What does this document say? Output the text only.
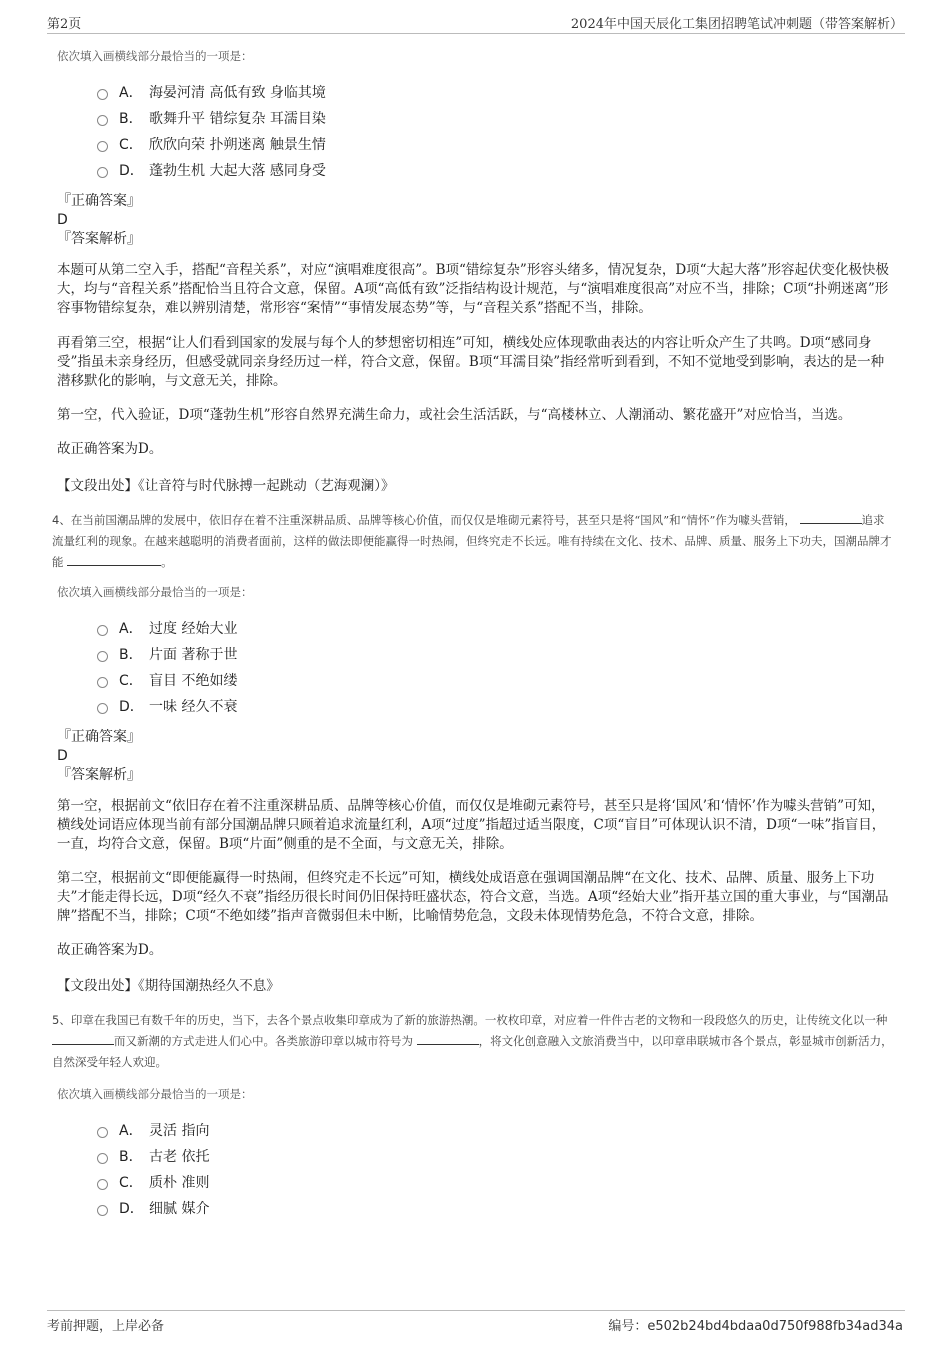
第2页	2024年中国天辰化工集团招聘笔试冲刺题（带答案解析）
依次填入画横线部分最恰当的一项是：
A． 海晏河清 高低有致 身临其境
B． 歌舞升平 错综复杂 耳濡目染
C． 欣欣向荣 扑朔迷离 触景生情
D． 蓬勃生机 大起大落 感同身受
『正确答案』
D
『答案解析』

本题可从第二空入手，搭配“音程关系”，对应“演唱难度很高”。B项“错综复杂”形容头绪多，情况复杂，D项“大起大落”形容起伏变化极快极大，均与“音程关系”搭配恰当且符合文意，保留。A项“高低有致”泛指结构设计规范，与“演唱难度很高”对应不当，排除；C项“扑朔迷离”形容事物错综复杂，难以辨别清楚，常形容“案情”“事情发展态势”等，与“音程关系”搭配不当，排除。

再看第三空，根据“让人们看到国家的发展与每个人的梦想密切相连”可知，横线处应体现歌曲表达的内容让听众产生了共鸣。D项“感同身受”指虽未亲身经历，但感受就同亲身经历过一样，符合文意，保留。B项“耳濡目染”指经常听到看到，不知不觉地受到影响，表达的是一种潜移默化的影响，与文意无关，排除。

第一空，代入验证，D项“蓬勃生机”形容自然界充满生命力，或社会生活活跃，与“高楼林立、人潮涌动、繁花盛开”对应恰当，当选。

故正确答案为D。

【文段出处】《让音符与时代脉搏一起跳动（艺海观澜）》

4、在当前国潮品牌的发展中，依旧存在着不注重深耕品质、品牌等核心价值，而仅仅是堆砌元素符号，甚至只是将“国风”和“情怀”作为噱头营销，	追求流量红利的现象。在越来越聪明的消费者面前，这样的做法即便能赢得一时热闹，但终究走不长远。唯有持续在文化、技术、品牌、质量、服务上下功夫，国潮品牌才能	。

依次填入画横线部分最恰当的一项是：
A． 过度 经始大业
B． 片面 著称于世
C． 盲目 不绝如缕
D． 一味 经久不衰
『正确答案』
D
『答案解析』

第一空，根据前文“依旧存在着不注重深耕品质、品牌等核心价值，而仅仅是堆砌元素符号，甚至只是将‘国风’和‘情怀’作为噱头营销”可知，横线处词语应体现当前有部分国潮品牌只顾着追求流量红利，A项“过度”指超过适当限度，C项“盲目”可体现认识不清，D项“一味”指盲目，一直，均符合文意，保留。B项“片面”侧重的是不全面，与文意无关，排除。

第二空，根据前文“即便能赢得一时热闹，但终究走不长远”可知，横线处成语意在强调国潮品牌“在文化、技术、品牌、质量、服务上下功夫”才能走得长远，D项“经久不衰”指经历很长时间仍旧保持旺盛状态，符合文意，当选。A项“经始大业”指开基立国的重大事业，与“国潮品牌”搭配不当，排除；C项“不绝如缕”指声音微弱但未中断，比喻情势危急，文段未体现情势危急，不符合文意，排除。

故正确答案为D。

【文段出处】《期待国潮热经久不息》

5、印章在我国已有数千年的历史，当下，去各个景点收集印章成为了新的旅游热潮。一枚枚印章，对应着一件件古老的文物和一段段悠久的历史，让传统文化以一种 而又新潮的方式走进人们心中。各类旅游印章以城市符号为	，将文化创意融入文旅消费当中，以印章串联城市各个景点，彰显城市创新活力，自然深受年轻人欢迎。

依次填入画横线部分最恰当的一项是：
A． 灵活 指向
B． 古老 依托
C． 质朴 准则
D． 细腻 媒介
考前押题，上岸必备	编号：e502b24bd4bdaa0d750f988fb34ad34a
